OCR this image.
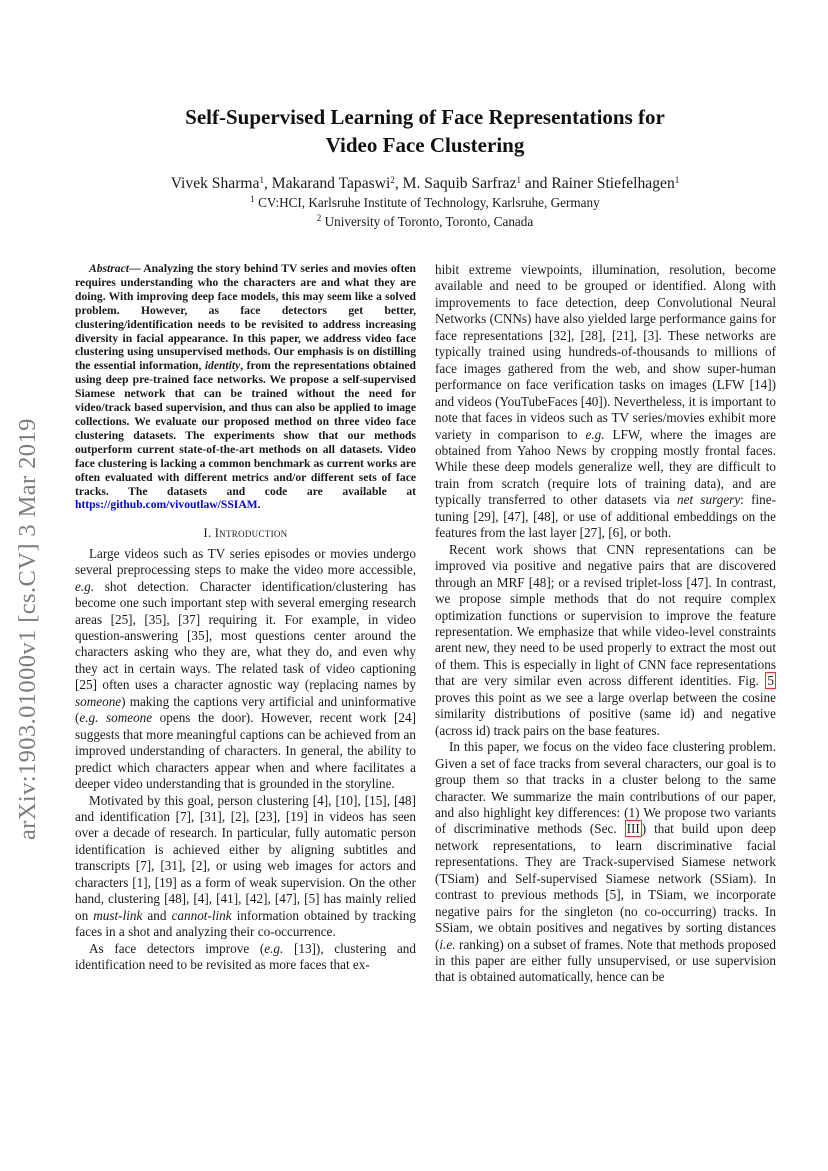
arXiv:1903.01000v1 [cs.CV] 3 Mar 2019
Self-Supervised Learning of Face Representations for
Video Face Clustering
Vivek Sharma$^1$, Makarand Tapaswi$^2$, M. Saquib Sarfraz$^1$ and Rainer Stiefelhagen$^1$
$^1$ CV:HCI, Karlsruhe Institute of Technology, Karlsruhe, Germany
$^2$ University of Toronto, Toronto, Canada

Abstract— Analyzing the story behind TV series and movies often requires understanding who the characters are and what they are doing. With improving deep face models, this may seem like a solved problem. However, as face detectors get better, clustering/identification needs to be revisited to address increasing diversity in facial appearance. In this paper, we address video face clustering using unsupervised methods. Our emphasis is on distilling the essential information, identity, from the representations obtained using deep pre-trained face networks. We propose a self-supervised Siamese network that can be trained without the need for video/track based supervision, and thus can also be applied to image collections. We evaluate our proposed method on three video face clustering datasets. The experiments show that our methods outperform current state-of-the-art methods on all datasets. Video face clustering is lacking a common benchmark as current works are often evaluated with different metrics and/or different sets of face tracks. The datasets and code are available at https://github.com/vivoutlaw/SSIAM.

I. Introduction

Large videos such as TV series episodes or movies undergo several preprocessing steps to make the video more accessible, e.g. shot detection. Character identification/clustering has become one such important step with several emerging research areas [25], [35], [37] requiring it. For example, in video question-answering [35], most questions center around the characters asking who they are, what they do, and even why they act in certain ways. The related task of video captioning [25] often uses a character agnostic way (replacing names by someone) making the captions very artificial and uninformative (e.g. someone opens the door). However, recent work [24] suggests that more meaningful captions can be achieved from an improved understanding of characters. In general, the ability to predict which characters appear when and where facilitates a deeper video understanding that is grounded in the storyline.

Motivated by this goal, person clustering [4], [10], [15], [48] and identification [7], [31], [2], [23], [19] in videos has seen over a decade of research. In particular, fully automatic person identification is achieved either by aligning subtitles and transcripts [7], [31], [2], or using web images for actors and characters [1], [19] as a form of weak supervision. On the other hand, clustering [48], [4], [41], [42], [47], [5] has mainly relied on must-link and cannot-link information obtained by tracking faces in a shot and analyzing their co-occurrence.

As face detectors improve (e.g. [13]), clustering and identification need to be revisited as more faces that ex-

hibit extreme viewpoints, illumination, resolution, become available and need to be grouped or identified. Along with improvements to face detection, deep Convolutional Neural Networks (CNNs) have also yielded large performance gains for face representations [32], [28], [21], [3]. These networks are typically trained using hundreds-of-thousands to millions of face images gathered from the web, and show super-human performance on face verification tasks on images (LFW [14]) and videos (YouTubeFaces [40]). Nevertheless, it is important to note that faces in videos such as TV series/movies exhibit more variety in comparison to e.g. LFW, where the images are obtained from Yahoo News by cropping mostly frontal faces. While these deep models generalize well, they are difficult to train from scratch (require lots of training data), and are typically transferred to other datasets via net surgery: fine-tuning [29], [47], [48], or use of additional embeddings on the features from the last layer [27], [6], or both.

Recent work shows that CNN representations can be improved via positive and negative pairs that are discovered through an MRF [48]; or a revised triplet-loss [47]. In contrast, we propose simple methods that do not require complex optimization functions or supervision to improve the feature representation. We emphasize that while video-level constraints arent new, they need to be used properly to extract the most out of them. This is especially in light of CNN face representations that are very similar even across different identities. Fig. 5 proves this point as we see a large overlap between the cosine similarity distributions of positive (same id) and negative (across id) track pairs on the base features.

In this paper, we focus on the video face clustering problem. Given a set of face tracks from several characters, our goal is to group them so that tracks in a cluster belong to the same character. We summarize the main contributions of our paper, and also highlight key differences: (1) We propose two variants of discriminative methods (Sec. III ) that build upon deep network representations, to learn discriminative facial representations. They are Track-supervised Siamese network (TSiam) and Self-supervised Siamese network (SSiam). In contrast to previous methods [5], in TSiam, we incorporate negative pairs for the singleton (no co-occurring) tracks. In SSiam, we obtain positives and negatives by sorting distances (i.e. ranking) on a subset of frames. Note that methods proposed in this paper are either fully unsupervised, or use supervision that is obtained automatically, hence can be
